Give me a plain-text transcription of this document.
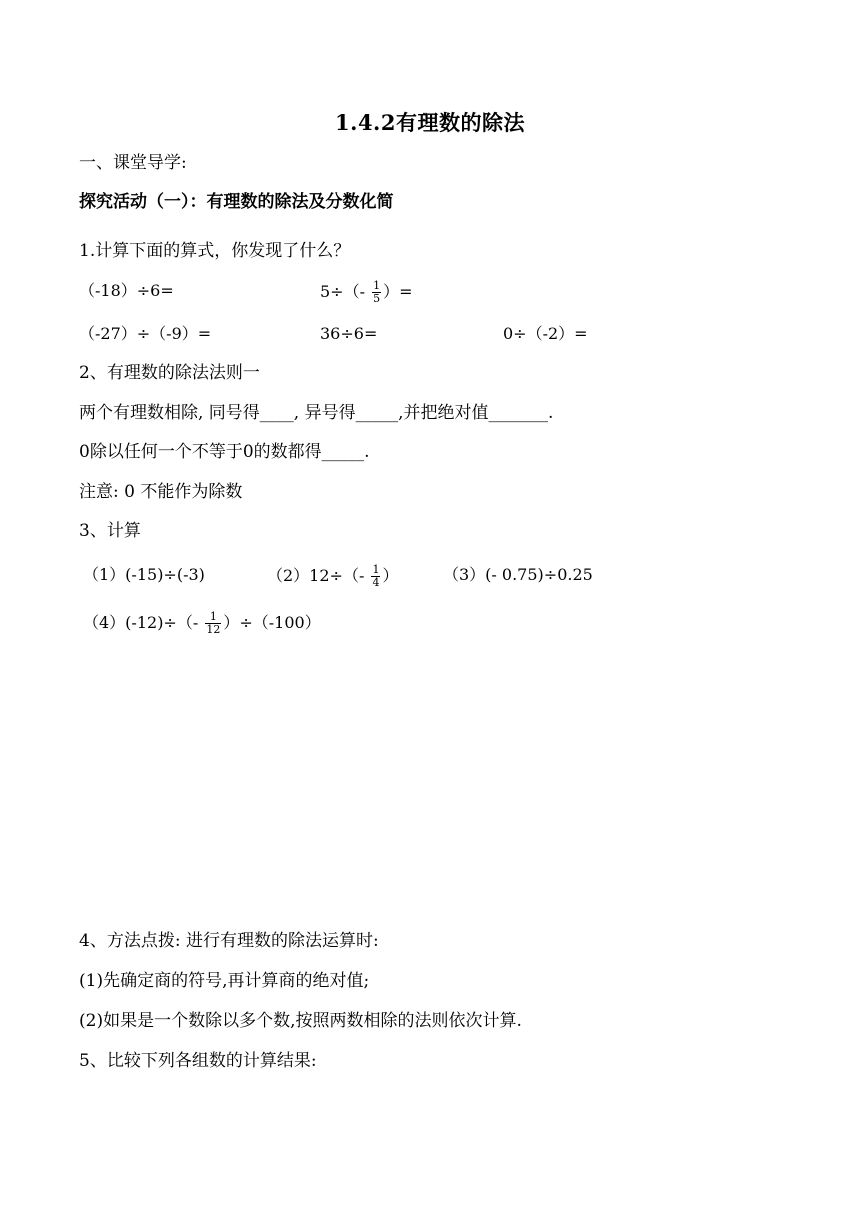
1.4.2有理数的除法
一、课堂导学:
探究活动（一）：有理数的除法及分数化简
1.计算下面的算式，你发现了什么？
（-18）÷6=	$5\div(- \frac{1}{5}$ ）=
（-27）÷（-9）=	36÷6=	0÷（-2）=
2、有理数的除法法则一
两个有理数相除, 同号得____, 异号得_____,并把绝对值_______.
0除以任何一个不等于0的数都得_____.
注意: 0 不能作为除数
3、计算
（1）(-15)÷(-3)	$(2)12\div(- \frac{1}{4}$ ）	（3）(- 0.75)÷0.25
$(4)(-12)\div(- \frac{1}{12} )\div(-100)$
4、方法点拨: 进行有理数的除法运算时:
(1)先确定商的符号,再计算商的绝对值;
(2)如果是一个数除以多个数,按照两数相除的法则依次计算.
5、比较下列各组数的计算结果:
